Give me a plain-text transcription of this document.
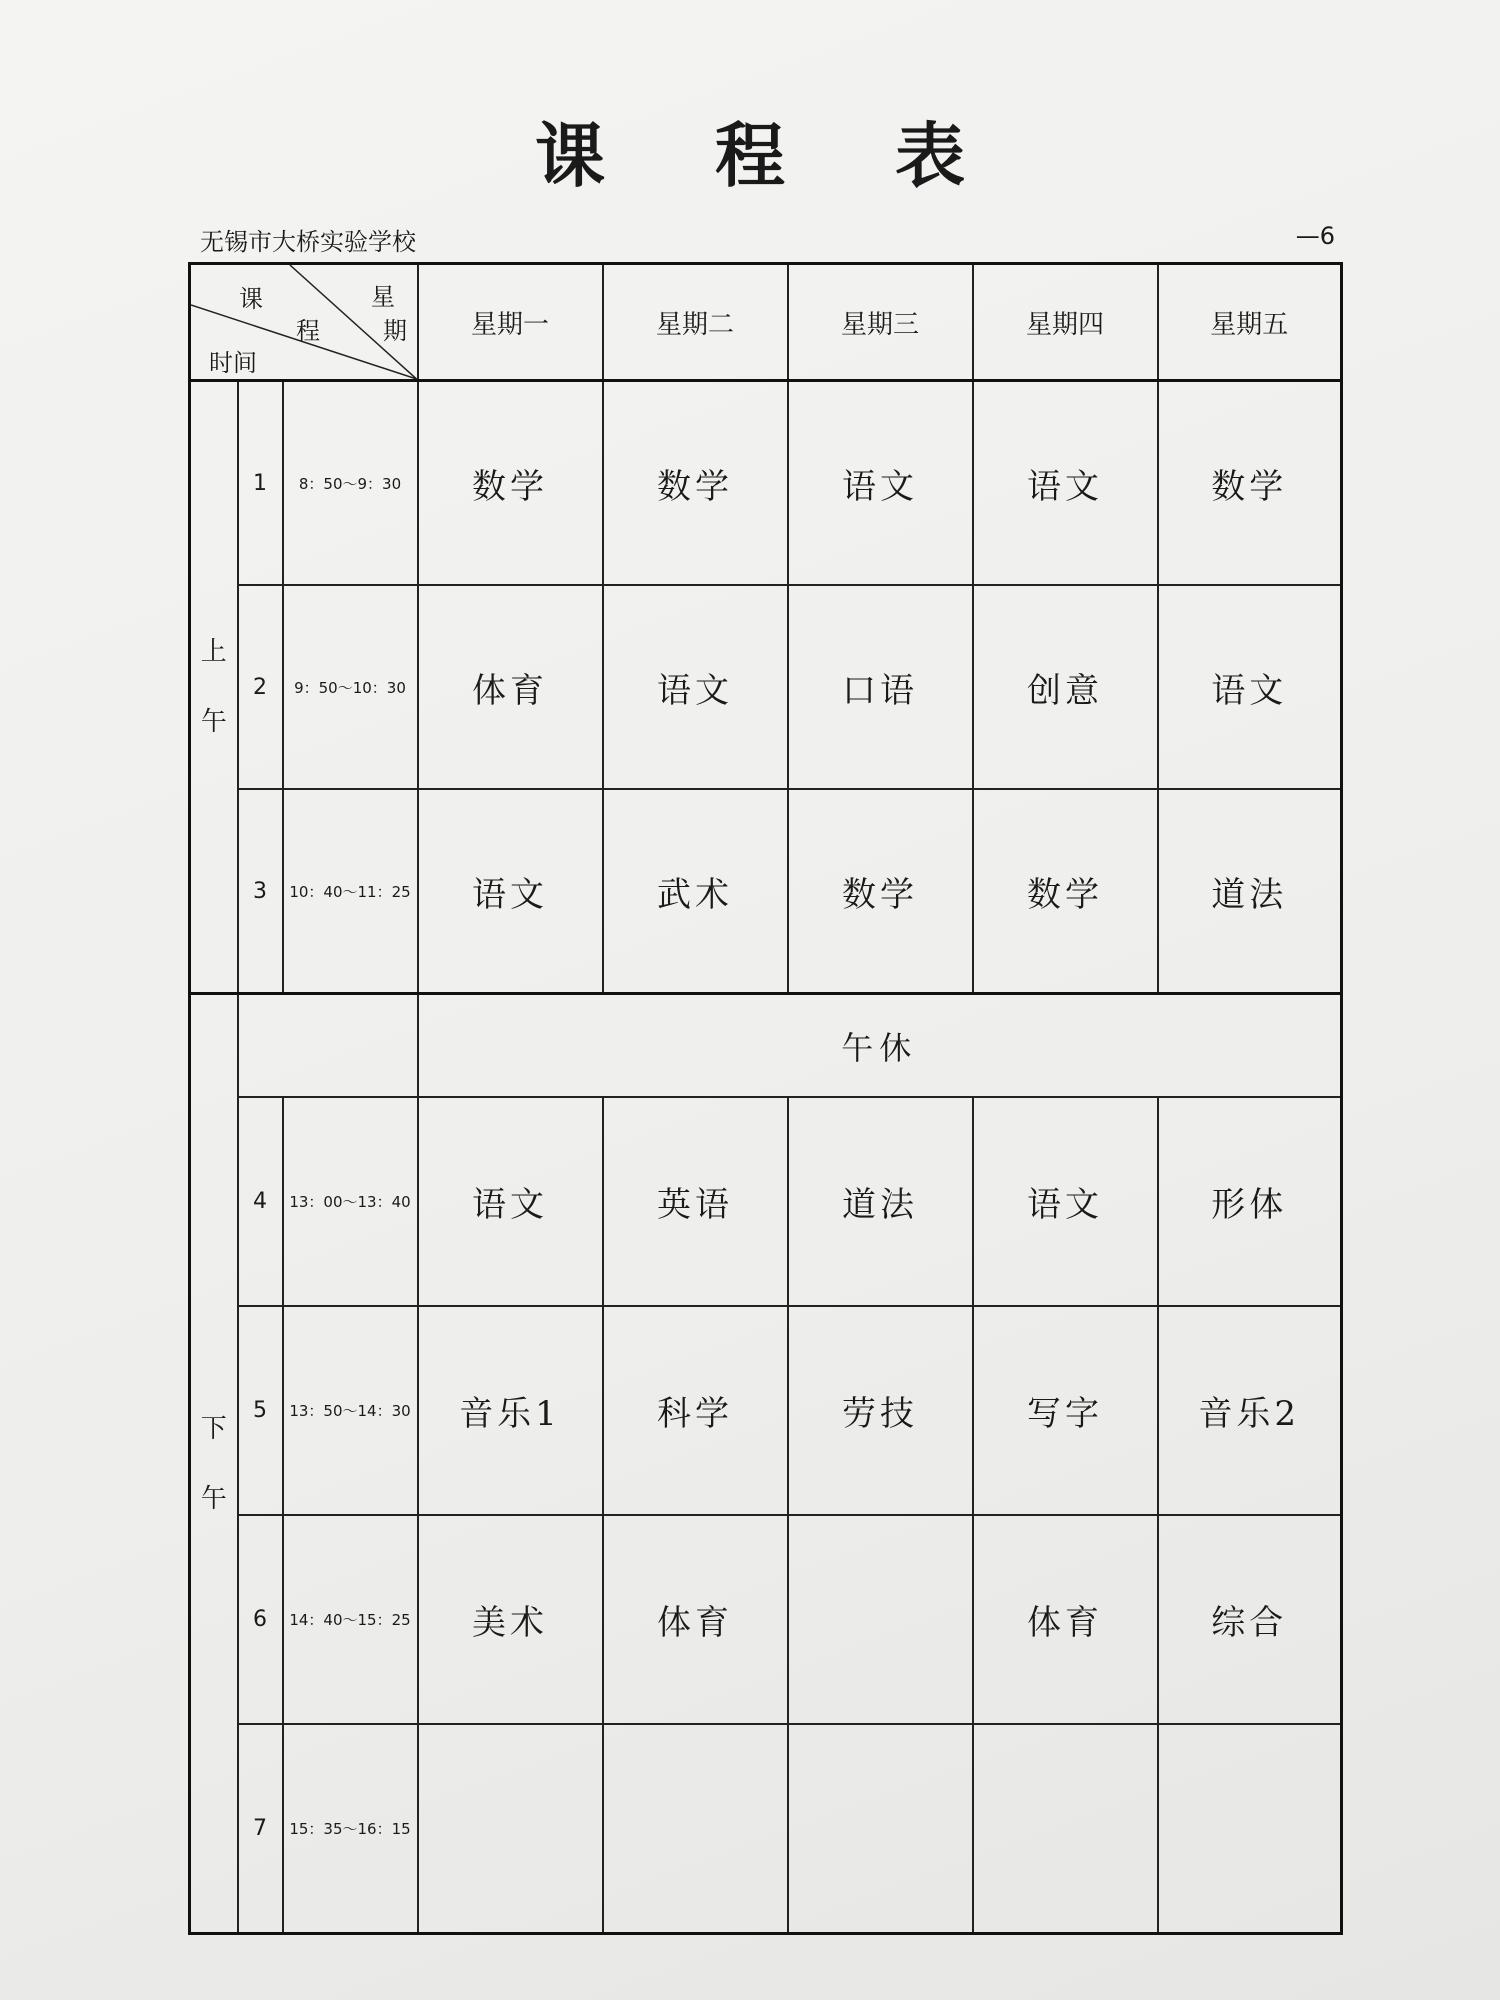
课 程 表
无锡市大桥实验学校	—6
课
程
星
期
时间			星期一	星期二	星期三	星期四	星期五

上
午	1	8：50～9：30	数学	数学	语文	语文	数学
	2	9：50～10：30	体育	语文	口语	创意	语文
	3	10：40～11：25	语文	武术	数学	数学	道法

下
午			午休				
	4	13：00～13：40	语文	英语	道法	语文	形体
	5	13：50～14：30	音乐1	科学	劳技	写字	音乐2
	6	14：40～15：25	美术	体育		体育	综合
	7	15：35～16：15					
